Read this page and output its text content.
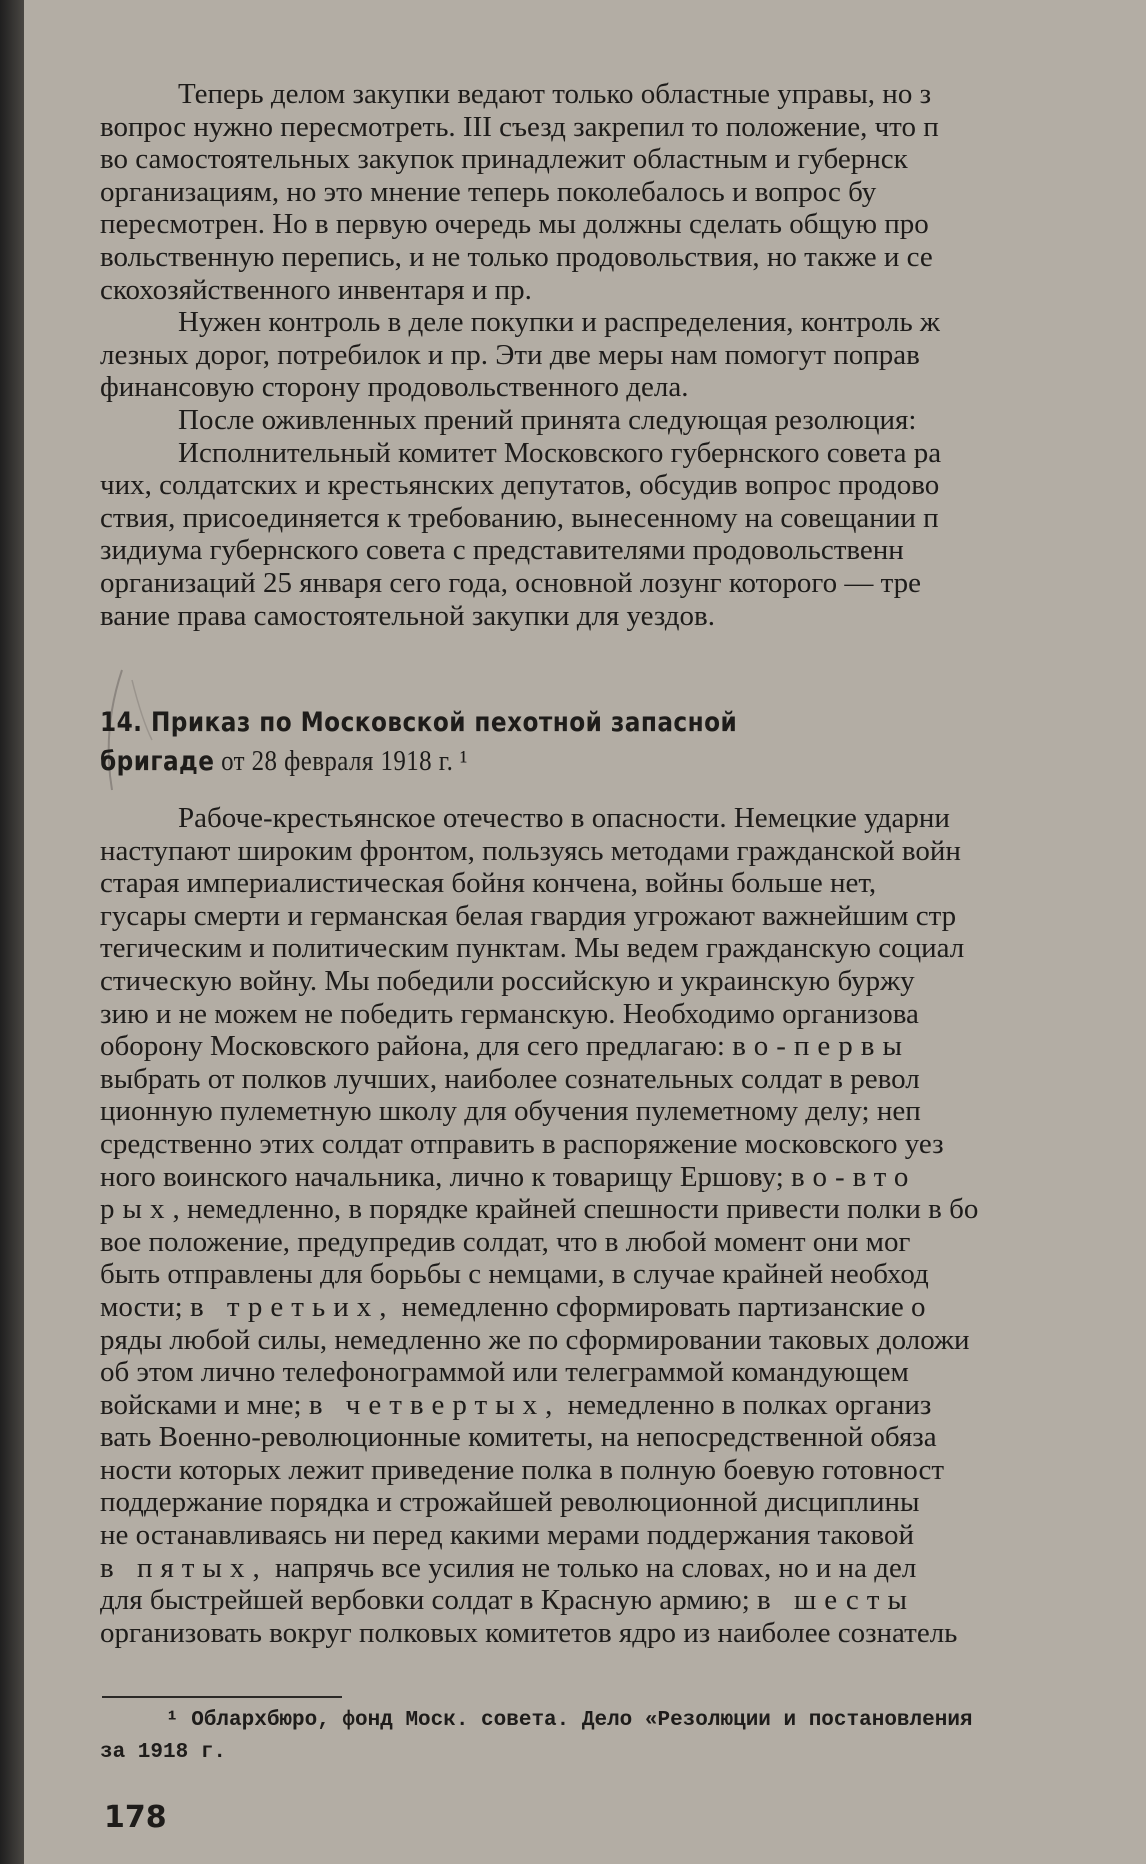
Теперь делом закупки ведают только областные управы, но з
вопрос нужно пересмотреть. III съезд закрепил то положение, что п
во самостоятельных закупок принадлежит областным и губернск
организациям, но это мнение теперь поколебалось и вопрос бу
пересмотрен. Но в первую очередь мы должны сделать общую про
вольственную перепись, и не только продовольствия, но также и се
скохозяйственного инвентаря и пр.
Нужен контроль в деле покупки и распределения, контроль ж
лезных дорог, потребилок и пр. Эти две меры нам помогут поправ
финансовую сторону продовольственного дела.
После оживленных прений принята следующая резолюция:
Исполнительный комитет Московского губернского совета ра
чих, солдатских и крестьянских депутатов, обсудив вопрос продово
ствия, присоединяется к требованию, вынесенному на совещании п
зидиума губернского совета с представителями продовольственн
организаций 25 января сего года, основной лозунг которого — тре
вание права самостоятельной закупки для уездов.
14. Приказ по Московской пехотной запасной
бригаде от 28 февраля 1918 г. ¹
Рабоче-крестьянское отечество в опасности. Немецкие ударни
наступают широким фронтом, пользуясь методами гражданской войн
старая империалистическая бойня кончена, войны больше нет,
гусары смерти и германская белая гвардия угрожают важнейшим стр
тегическим и политическим пунктам. Мы ведем гражданскую социал
стическую войну. Мы победили российскую и украинскую буржу
зию и не можем не победить германскую. Необходимо организова
оборону Московского района, для сего предлагаю: во-первы
выбрать от полков лучших, наиболее сознательных солдат в револ
ционную пулеметную школу для обучения пулеметному делу; неп
средственно этих солдат отправить в распоряжение московского уез
ного воинского начальника, лично к товарищу Ершову; во-вто
рых, немедленно, в порядке крайней спешности привести полки в бо
вое положение, предупредив солдат, что в любой момент они мог
быть отправлены для борьбы с немцами, в случае крайней необход
мости; в третьих, немедленно сформировать партизанские о
ряды любой силы, немедленно же по сформировании таковых доложи
об этом лично телефонограммой или телеграммой командующем
войсками и мне; в четвертых, немедленно в полках организ
вать Военно-революционные комитеты, на непосредственной обяза
ности которых лежит приведение полка в полную боевую готовност
поддержание порядка и строжайшей революционной дисциплины
не останавливаясь ни перед какими мерами поддержания таковой
в пятых, напрячь все усилия не только на словах, но и на дел
для быстрейшей вербовки солдат в Красную армию; в шесты
организовать вокруг полковых комитетов ядро из наиболее сознатель
¹ Облархбюро, фонд Моск. совета. Дело «Резолюции и постановления
за 1918 г.
178
